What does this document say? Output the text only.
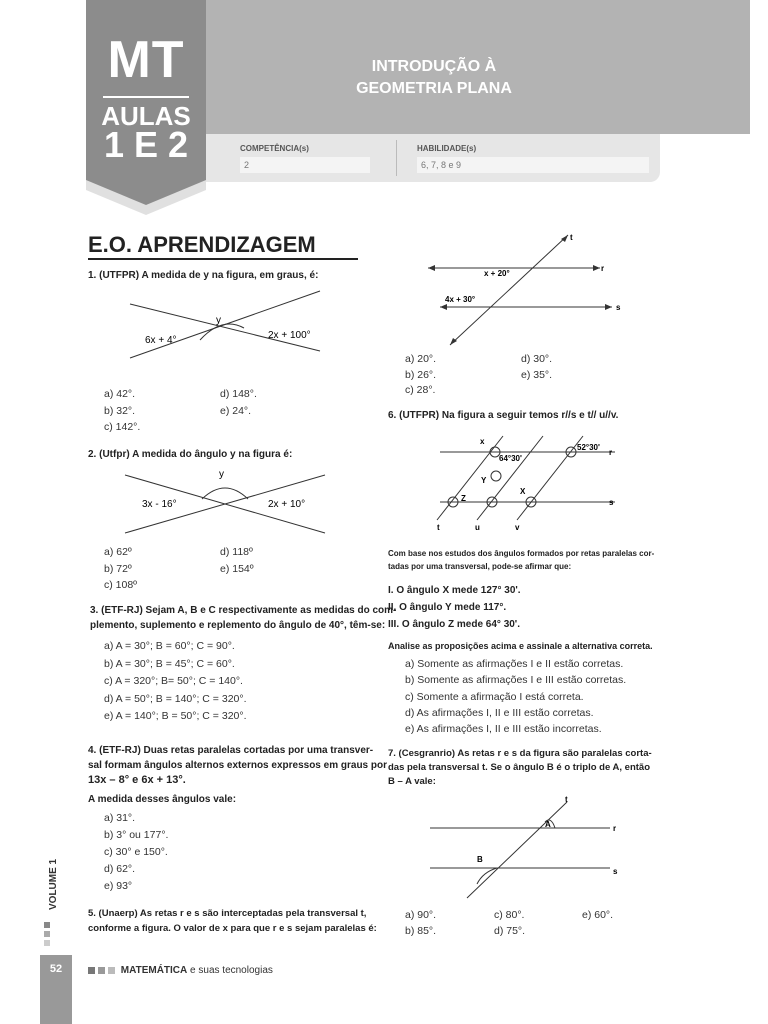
MT
AULAS
1 E 2
INTRODUÇÃO À
GEOMETRIA PLANA
COMPETÊNCIA(s)
2
HABILIDADE(s)
6, 7, 8 e 9
E.O. APRENDIZAGEM
1. (UTFPR) A medida de y na figura, em graus, é:
y
6x + 4°	2x + 100°
a) 42°.
b) 32°.
c) 142°.
d) 148°.
e) 24°.
2. (Utfpr) A medida do ângulo y na figura é:
y
3x - 16°	2x + 10°
a) 62º
b) 72º
c) 108º
d) 118º
e) 154º
3. (ETF-RJ) Sejam A, B e C respectivamente as medidas do com-
plemento, suplemento e replemento do ângulo de 40°, têm-se:
a) A = 30°; B = 60°; C = 90°.
b) A = 30°; B = 45°; C = 60°.
c) A = 320°; B= 50°; C = 140°.
d) A = 50°; B = 140°; C = 320°.
e) A = 140°; B = 50°; C = 320°.
4. (ETF-RJ) Duas retas paralelas cortadas por uma transver-
sal formam ângulos alternos externos expressos em graus por
13x – 8° e 6x + 13°.
A medida desses ângulos vale:
a) 31°.
b) 3° ou 177°.
c) 30° e 150°.
d) 62°.
e) 93°
5. (Unaerp) As retas r e s são interceptadas pela transversal t,
conforme a figura. O valor de x para que r e s sejam paralelas é:
t
r
s
x + 20°
4x + 30°
a) 20°.
b) 26°.
c) 28°.
d) 30°.
e) 35°.
6. (UTFPR) Na figura a seguir temos r//s e t// u//v.
x
64°30'
52°30'
r
s
Y
Z
X
t	u	v
Com base nos estudos dos ângulos formados por retas paralelas cor-
tadas por uma transversal, pode-se afirmar que:
I. O ângulo X mede 127° 30'.
II. O ângulo Y mede 117°.
III. O ângulo Z mede 64° 30'.
Analise as proposições acima e assinale a alternativa correta.
a) Somente as afirmações I e II estão corretas.
b) Somente as afirmações I e III estão corretas.
c) Somente a afirmação I está correta.
d) As afirmações I, II e III estão corretas.
e) As afirmações I, II e III estão incorretas.
7. (Cesgranrio) As retas r e s da figura são paralelas corta-
das pela transversal t. Se o ângulo B é o triplo de A, então
B – A vale:
t
r
s
A
B
a) 90°.
b) 85°.
c) 80°.
d) 75°.
e) 60°.
VOLUME 1
52	MATEMÁTICA e suas tecnologias
